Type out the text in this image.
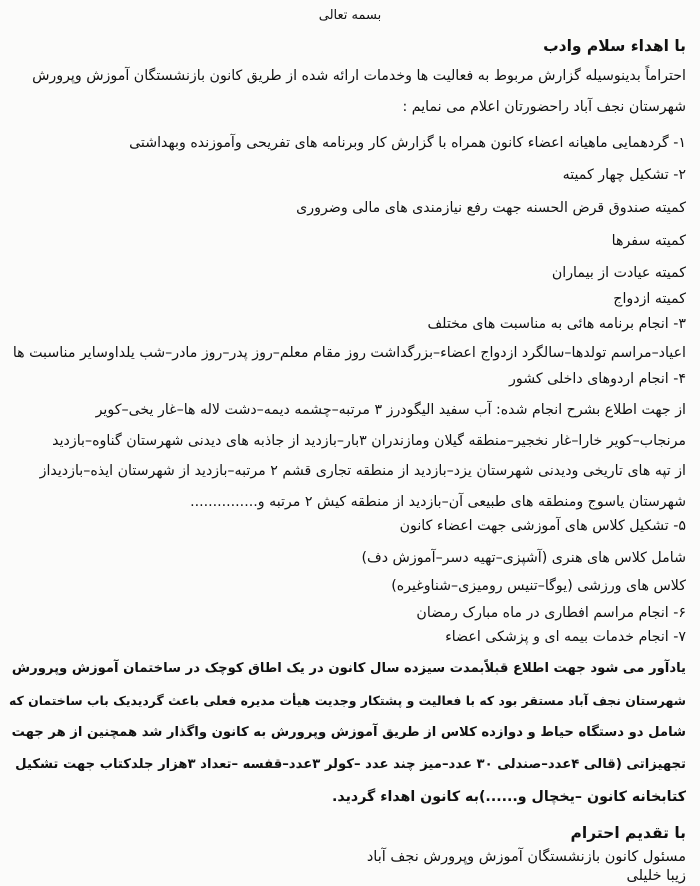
بسمه تعالی
با اهداء سلام وادب
احتراماً بدینوسیله گزارش مربوط به فعالیت ها وخدمات ارائه شده از طریق کانون بازنشستگان آموزش وپرورش
شهرستان نجف آباد راحضورتان اعلام می نمایم :
۱- گردهمایی ماهیانه اعضاء کانون همراه با گزارش کار وبرنامه های تفریحی وآموزنده وبهداشتی
۲- تشکیل چهار کمیته
کمیته صندوق قرض الحسنه جهت رفع نیازمندی های مالی وضروری
کمیته سفرها
کمیته عیادت از بیماران
کمیته ازدواج
۳- انجام برنامه هائی به مناسبت های مختلف
اعیاد–مراسم تولدها–سالگرد ازدواج اعضاء–بزرگداشت روز مقام معلم–روز پدر–روز مادر–شب یلداوسایر مناسبت ها
۴- انجام اردوهای داخلی کشور
از جهت اطلاع بشرح انجام شده: آب سفید الیگودرز ۳ مرتبه–چشمه دیمه–دشت لاله ها–غار یخی–کویر
مرنجاب–کویر خارا–غار نخجیر–منطقه گیلان ومازندران ۳بار–بازدید از جاذبه های دیدنی شهرستان گناوه–بازدید
از تپه های تاریخی ودیدنی شهرستان یزد–بازدید از منطقه تجاری قشم ۲ مرتبه–بازدید از شهرستان ایذه–بازدیداز
شهرستان یاسوج ومنطقه های طبیعی آن–بازدید از منطقه کیش ۲ مرتبه و...............
۵- تشکیل کلاس های آموزشی جهت اعضاء کانون
شامل کلاس های هنری (آشپزی–تهیه دسر–آموزش دف)
کلاس های ورزشی (یوگا–تنیس رومیزی–شناوغیره)
۶- انجام مراسم افطاری در ماه مبارک رمضان
۷- انجام خدمات بیمه ای و پزشکی اعضاء
یادآور می شود جهت اطلاع قبلاًبمدت سیزده سال کانون در یک اطاق کوچک در ساختمان آموزش وپرورش
شهرستان نجف آباد مستقر بود که با فعالیت و پشتکار وجدیت هیأت مدیره فعلی باعث گردیدیک باب ساختمان که
شامل دو دستگاه حیاط و دوازده کلاس از طریق آموزش وپرورش به کانون واگذار شد همچنین از هر جهت
تجهیزاتی (قالی ۴عدد–صندلی ۳۰ عدد–میز چند عدد –کولر ۳عدد–قفسه –تعداد ۳هزار جلدکتاب جهت تشکیل
کتابخانه کانون –یخچال و......)به کانون اهداء گردید.
با تقدیم احترام
مسئول کانون بازنشستگان آموزش وپرورش نجف آباد
زیبا خلیلی
